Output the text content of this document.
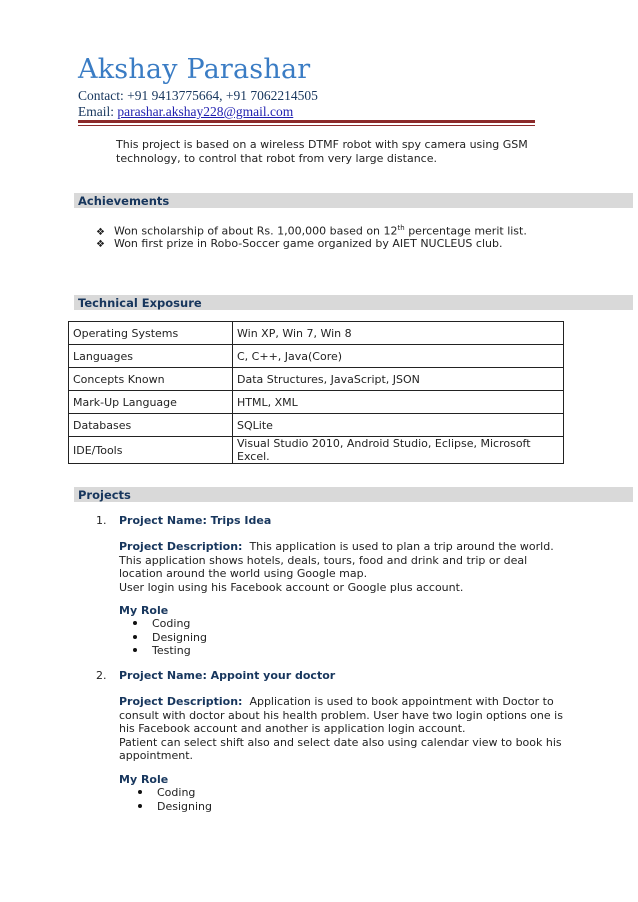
Akshay Parashar
Contact: +91 9413775664, +91 7062214505
Email: parashar.akshay228@gmail.com
This project is based on a wireless DTMF robot with spy camera using GSM
technology, to control that robot from very large distance.
Achievements
❖ Won scholarship of about Rs. 1,00,000 based on 12th percentage merit list.
❖ Won first prize in Robo-Soccer game organized by AIET NUCLEUS club.
Technical Exposure
Operating Systems	Win XP, Win 7, Win 8
Languages	C, C++, Java(Core)
Concepts Known	Data Structures, JavaScript, JSON
Mark-Up Language	HTML, XML
Databases	SQLite
IDE/Tools	Visual Studio 2010, Android Studio, Eclipse, Microsoft Excel.
Projects
1. Project Name: Trips Idea
Project Description: This application is used to plan a trip around the world.
This application shows hotels, deals, tours, food and drink and trip or deal
location around the world using Google map.
User login using his Facebook account or Google plus account.
My Role
Coding
Designing
Testing
2. Project Name: Appoint your doctor
Project Description: Application is used to book appointment with Doctor to
consult with doctor about his health problem. User have two login options one is
his Facebook account and another is application login account.
Patient can select shift also and select date also using calendar view to book his
appointment.
My Role
Coding
Designing
